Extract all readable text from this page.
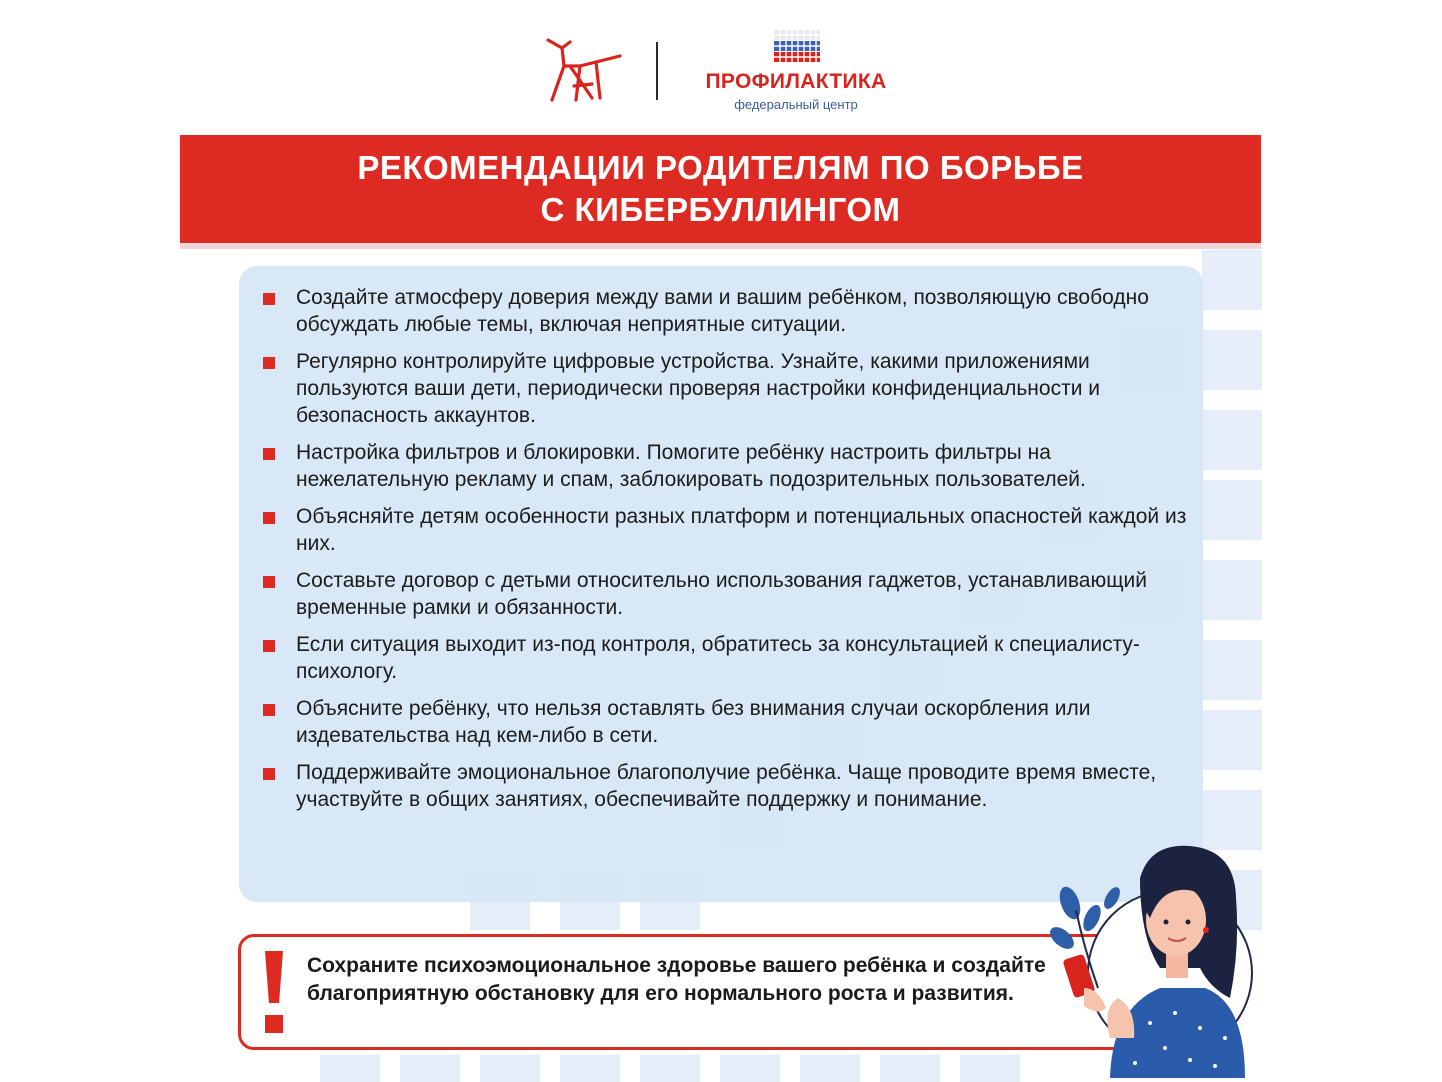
ПРОФИЛАКТИКА
федеральный центр
РЕКОМЕНДАЦИИ РОДИТЕЛЯМ ПО БОРЬБЕ
С КИБЕРБУЛЛИНГОМ
Создайте атмосферу доверия между вами и вашим ребёнком, позволяющую свободно обсуждать любые темы, включая неприятные ситуации.
Регулярно контролируйте цифровые устройства. Узнайте, какими приложениями пользуются ваши дети, периодически проверяя настройки конфиденциальности и безопасность аккаунтов.
Настройка фильтров и блокировки. Помогите ребёнку настроить фильтры на нежелательную рекламу и спам, заблокировать подозрительных пользователей.
Объясняйте детям особенности разных платформ и потенциальных опасностей каждой из них.
Составьте договор с детьми относительно использования гаджетов, устанавливающий временные рамки и обязанности.
Если ситуация выходит из-под контроля, обратитесь за консультацией к специалисту-психологу.
Объясните ребёнку, что нельзя оставлять без внимания случаи оскорбления или издевательства над кем-либо в сети.
Поддерживайте эмоциональное благополучие ребёнка. Чаще проводите время вместе, участвуйте в общих занятиях, обеспечивайте поддержку и понимание.
Сохраните психоэмоциональное здоровье вашего ребёнка и создайте благоприятную обстановку для его нормального роста и развития.
